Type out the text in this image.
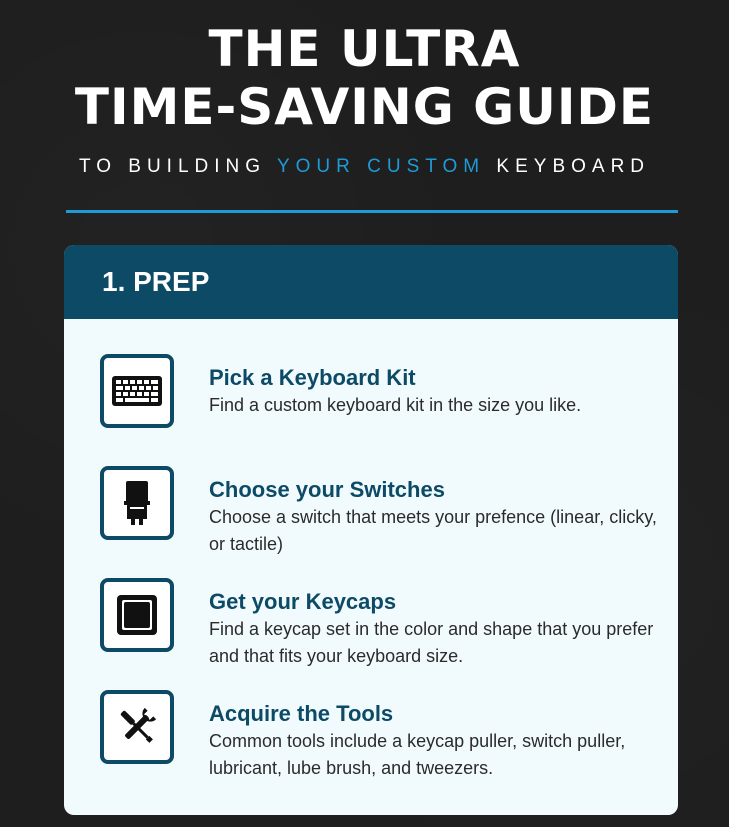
THE ULTRA
TIME-SAVING GUIDE
TO BUILDING YOUR CUSTOM KEYBOARD
1. PREP

Pick a Keyboard Kit

Find a custom keyboard kit in the size you like.

Choose your Switches

Choose a switch that meets your prefence (linear, clicky, or tactile)

Get your Keycaps

Find a keycap set in the color and shape that you prefer and that fits your keyboard size.

Acquire the Tools

Common tools include a keycap puller, switch puller, lubricant, lube brush, and tweezers.
